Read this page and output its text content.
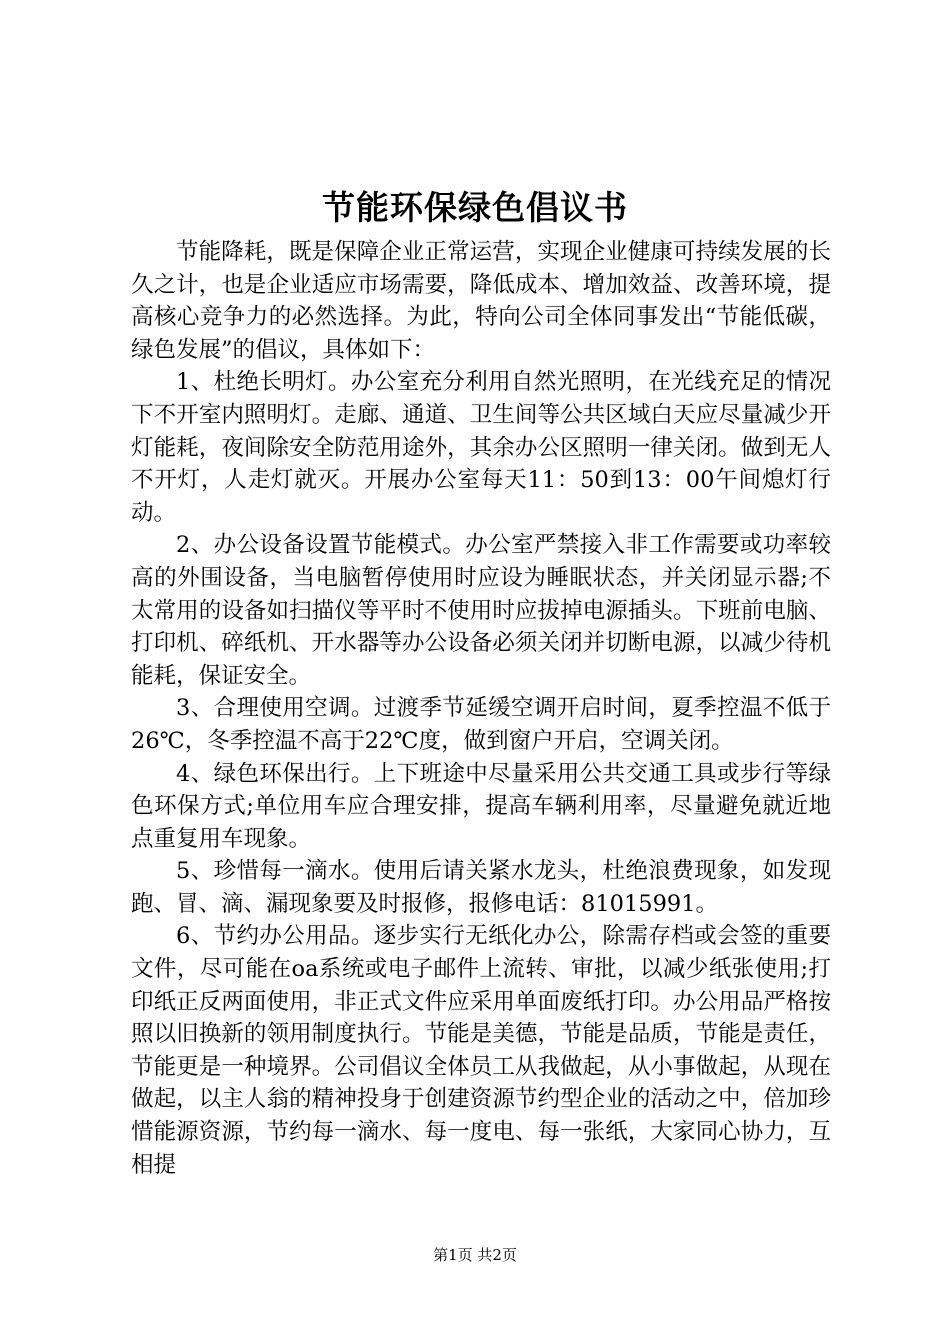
节能环保绿色倡议书

节能降耗，既是保障企业正常运营，实现企业健康可持续发展的长久之计，也是企业适应市场需要，降低成本、增加效益、改善环境，提高核心竞争力的必然选择。为此，特向公司全体同事发出“节能低碳，绿色发展”的倡议，具体如下：

1、杜绝长明灯。办公室充分利用自然光照明，在光线充足的情况下不开室内照明灯。走廊、通道、卫生间等公共区域白天应尽量减少开灯能耗，夜间除安全防范用途外，其余办公区照明一律关闭。做到无人不开灯，人走灯就灭。开展办公室每天11：50到13：00午间熄灯行动。

2、办公设备设置节能模式。办公室严禁接入非工作需要或功率较高的外围设备，当电脑暂停使用时应设为睡眠状态，并关闭显示器;不太常用的设备如扫描仪等平时不使用时应拔掉电源插头。下班前电脑、打印机、碎纸机、开水器等办公设备必须关闭并切断电源，以减少待机能耗，保证安全。

3、合理使用空调。过渡季节延缓空调开启时间，夏季控温不低于26℃，冬季控温不高于22℃度，做到窗户开启，空调关闭。

4、绿色环保出行。上下班途中尽量采用公共交通工具或步行等绿色环保方式;单位用车应合理安排，提高车辆利用率，尽量避免就近地点重复用车现象。

5、珍惜每一滴水。使用后请关紧水龙头，杜绝浪费现象，如发现跑、冒、滴、漏现象要及时报修，报修电话：81015991。

6、节约办公用品。逐步实行无纸化办公，除需存档或会签的重要文件，尽可能在oa系统或电子邮件上流转、审批，以减少纸张使用;打印纸正反两面使用，非正式文件应采用单面废纸打印。办公用品严格按照以旧换新的领用制度执行。节能是美德，节能是品质，节能是责任，节能更是一种境界。公司倡议全体员工从我做起，从小事做起，从现在做起，以主人翁的精神投身于创建资源节约型企业的活动之中，倍加珍惜能源资源，节约每一滴水、每一度电、每一张纸，大家同心协力，互相提

第1页 共2页
